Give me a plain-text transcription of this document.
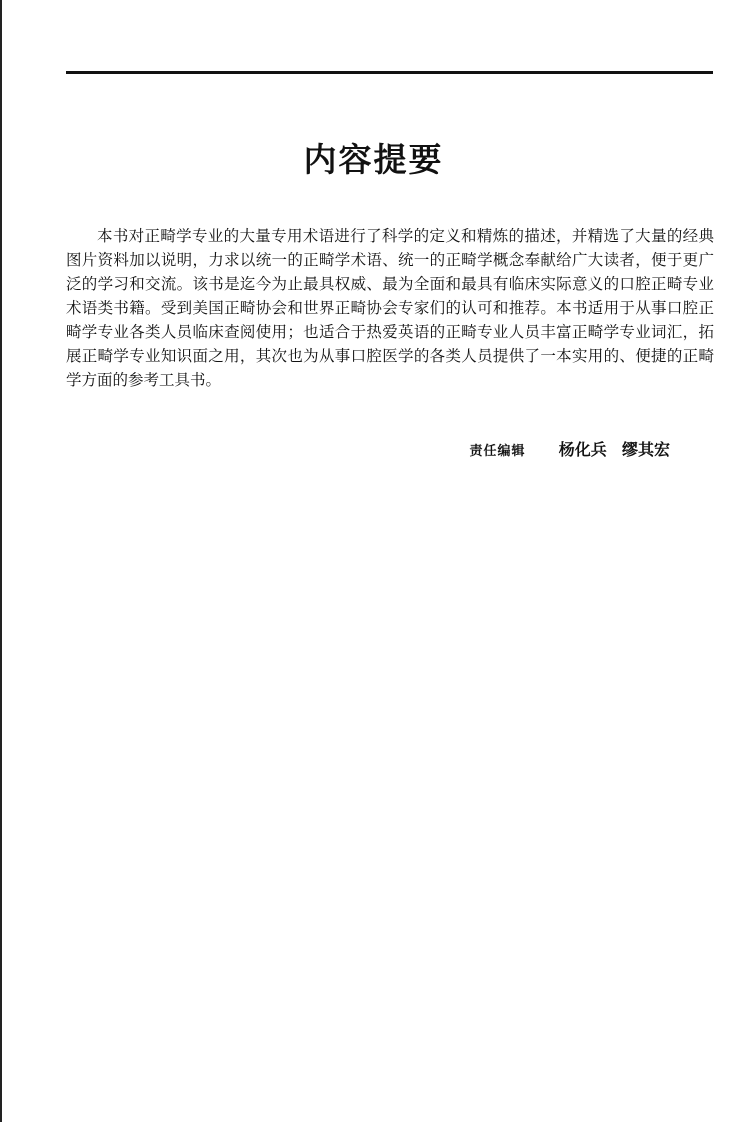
内容提要

本书对正畸学专业的大量专用术语进行了科学的定义和精炼的描述，并精选了大量的经典图片资料加以说明，力求以统一的正畸学术语、统一的正畸学概念奉献给广大读者，便于更广泛的学习和交流。该书是迄今为止最具权威、最为全面和最具有临床实际意义的口腔正畸专业术语类书籍。受到美国正畸协会和世界正畸协会专家们的认可和推荐。本书适用于从事口腔正畸学专业各类人员临床查阅使用；也适合于热爱英语的正畸专业人员丰富正畸学专业词汇，拓展正畸学专业知识面之用，其次也为从事口腔医学的各类人员提供了一本实用的、便捷的正畸学方面的参考工具书。

责任编辑 杨化兵 缪其宏
